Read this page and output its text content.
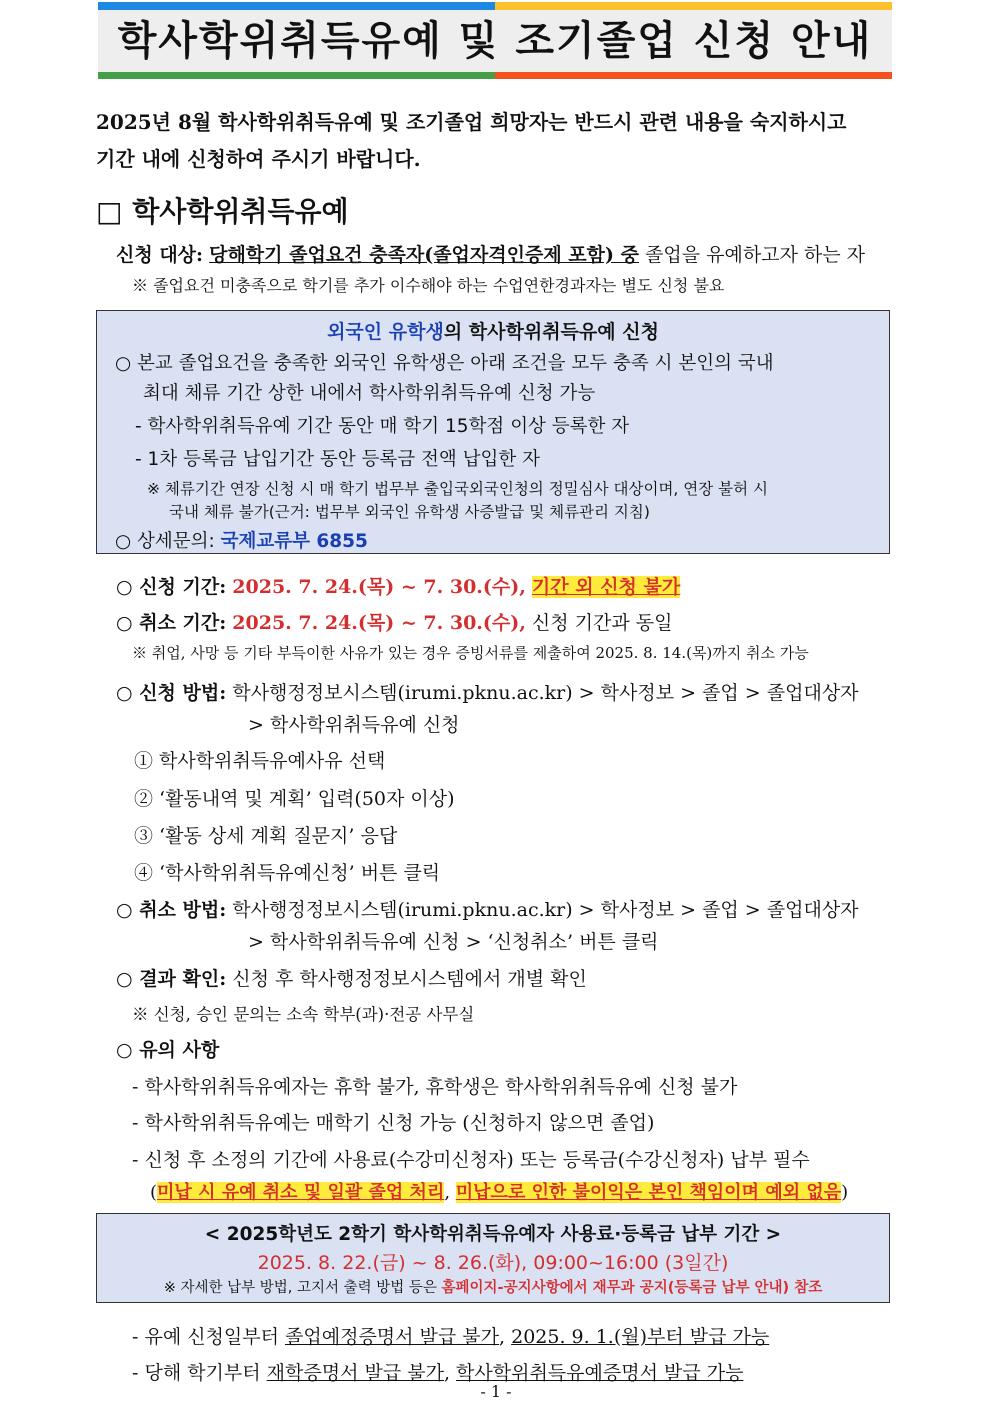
학사학위취득유예 및 조기졸업 신청 안내
2025년 8월 학사학위취득유예 및 조기졸업 희망자는 반드시 관련 내용을 숙지하시고
기간 내에 신청하여 주시기 바랍니다.
□ 학사학위취득유예
신청 대상: 당해학기 졸업요건 충족자(졸업자격인증제 포함) 중 졸업을 유예하고자 하는 자
※ 졸업요건 미충족으로 학기를 추가 이수해야 하는 수업연한경과자는 별도 신청 불요
외국인 유학생의 학사학위취득유예 신청
○ 본교 졸업요건을 충족한 외국인 유학생은 아래 조건을 모두 충족 시 본인의 국내
최대 체류 기간 상한 내에서 학사학위취득유예 신청 가능
- 학사학위취득유예 기간 동안 매 학기 15학점 이상 등록한 자
- 1차 등록금 납입기간 동안 등록금 전액 납입한 자
※ 체류기간 연장 신청 시 매 학기 법무부 출입국외국인청의 정밀심사 대상이며, 연장 불허 시
국내 체류 불가(근거: 법무부 외국인 유학생 사증발급 및 체류관리 지침)
○ 상세문의: 국제교류부 6855
○ 신청 기간: 2025. 7. 24.(목) ~ 7. 30.(수), 기간 외 신청 불가
○ 취소 기간: 2025. 7. 24.(목) ~ 7. 30.(수), 신청 기간과 동일
※ 취업, 사망 등 기타 부득이한 사유가 있는 경우 증빙서류를 제출하여 2025. 8. 14.(목)까지 취소 가능
○ 신청 방법: 학사행정정보시스템(irumi.pknu.ac.kr) > 학사정보 > 졸업 > 졸업대상자
> 학사학위취득유예 신청
① 학사학위취득유예사유 선택
② ‘활동내역 및 계획’ 입력(50자 이상)
③ ‘활동 상세 계획 질문지’ 응답
④ ‘학사학위취득유예신청’ 버튼 클릭
○ 취소 방법: 학사행정정보시스템(irumi.pknu.ac.kr) > 학사정보 > 졸업 > 졸업대상자
> 학사학위취득유예 신청 > ‘신청취소’ 버튼 클릭
○ 결과 확인: 신청 후 학사행정정보시스템에서 개별 확인
※ 신청, 승인 문의는 소속 학부(과)·전공 사무실
○ 유의 사항
- 학사학위취득유예자는 휴학 불가, 휴학생은 학사학위취득유예 신청 불가
- 학사학위취득유예는 매학기 신청 가능 (신청하지 않으면 졸업)
- 신청 후 소정의 기간에 사용료(수강미신청자) 또는 등록금(수강신청자) 납부 필수
(미납 시 유예 취소 및 일괄 졸업 처리, 미납으로 인한 불이익은 본인 책임이며 예외 없음)
< 2025학년도 2학기 학사학위취득유예자 사용료·등록금 납부 기간 >
2025. 8. 22.(금) ~ 8. 26.(화), 09:00~16:00 (3일간)
※ 자세한 납부 방법, 고지서 출력 방법 등은 홈페이지-공지사항에서 재무과 공지(등록금 납부 안내) 참조
- 유예 신청일부터 졸업예정증명서 발급 불가, 2025. 9. 1.(월)부터 발급 가능
- 당해 학기부터 재학증명서 발급 불가, 학사학위취득유예증명서 발급 가능
- 1 -
